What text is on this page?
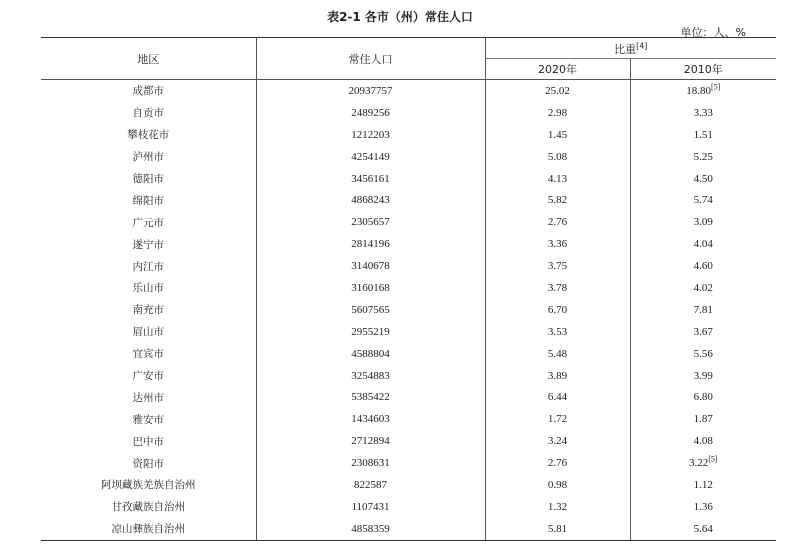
表2-1 各市（州）常住人口
单位：人、%
地区	常住人口	比重[4]
		2020年	2010年
成都市	20937757	25.02	18.80[5]
自贡市	2489256	2.98	3.33
攀枝花市	1212203	1.45	1.51
泸州市	4254149	5.08	5.25
德阳市	3456161	4.13	4.50
绵阳市	4868243	5.82	5.74
广元市	2305657	2.76	3.09
遂宁市	2814196	3.36	4.04
内江市	3140678	3.75	4.60
乐山市	3160168	3.78	4.02
南充市	5607565	6.70	7.81
眉山市	2955219	3.53	3.67
宜宾市	4588804	5.48	5.56
广安市	3254883	3.89	3.99
达州市	5385422	6.44	6.80
雅安市	1434603	1.72	1.87
巴中市	2712894	3.24	4.08
资阳市	2308631	2.76	3.22[5]
阿坝藏族羌族自治州	822587	0.98	1.12
甘孜藏族自治州	1107431	1.32	1.36
凉山彝族自治州	4858359	5.81	5.64
